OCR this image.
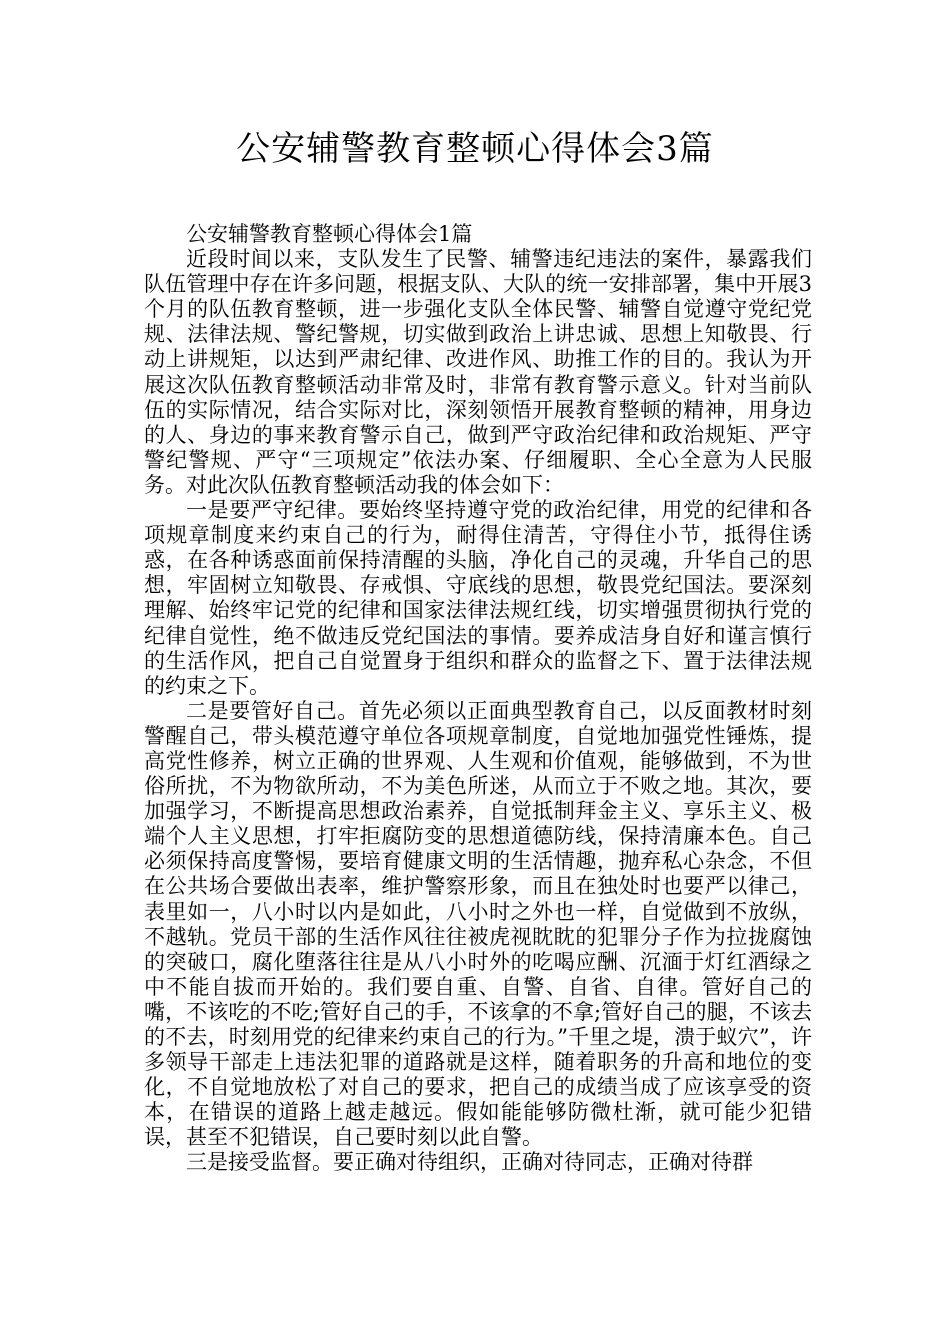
公安辅警教育整顿心得体会3篇

公安辅警教育整顿心得体会1篇

近段时间以来，支队发生了民警、辅警违纪违法的案件，暴露我们队伍管理中存在许多问题，根据支队、大队的统一安排部署，集中开展3个月的队伍教育整顿，进一步强化支队全体民警、辅警自觉遵守党纪党规、法律法规、警纪警规，切实做到政治上讲忠诚、思想上知敬畏、行动上讲规矩，以达到严肃纪律、改进作风、助推工作的目的。我认为开展这次队伍教育整顿活动非常及时，非常有教育警示意义。针对当前队伍的实际情况，结合实际对比，深刻领悟开展教育整顿的精神，用身边的人、身边的事来教育警示自己，做到严守政治纪律和政治规矩、严守警纪警规、严守“三项规定”依法办案、仔细履职、全心全意为人民服务。对此次队伍教育整顿活动我的体会如下：

一是要严守纪律。要始终坚持遵守党的政治纪律，用党的纪律和各项规章制度来约束自己的行为，耐得住清苦，守得住小节，抵得住诱惑，在各种诱惑面前保持清醒的头脑，净化自己的灵魂，升华自己的思想，牢固树立知敬畏、存戒惧、守底线的思想，敬畏党纪国法。要深刻理解、始终牢记党的纪律和国家法律法规红线，切实增强贯彻执行党的纪律自觉性，绝不做违反党纪国法的事情。要养成洁身自好和谨言慎行的生活作风，把自己自觉置身于组织和群众的监督之下、置于法律法规的约束之下。

二是要管好自己。首先必须以正面典型教育自己，以反面教材时刻警醒自己，带头模范遵守单位各项规章制度，自觉地加强党性锤炼，提高党性修养，树立正确的世界观、人生观和价值观，能够做到，不为世俗所扰，不为物欲所动，不为美色所迷，从而立于不败之地。其次，要加强学习，不断提高思想政治素养，自觉抵制拜金主义、享乐主义、极端个人主义思想，打牢拒腐防变的思想道德防线，保持清廉本色。自己必须保持高度警惕，要培育健康文明的生活情趣，抛弃私心杂念，不但在公共场合要做出表率，维护警察形象，而且在独处时也要严以律己，表里如一，八小时以内是如此，八小时之外也一样，自觉做到不放纵，不越轨。党员干部的生活作风往往被虎视眈眈的犯罪分子作为拉拢腐蚀的突破口，腐化堕落往往是从八小时外的吃喝应酬、沉湎于灯红酒绿之中不能自拔而开始的。我们要自重、自警、自省、自律。管好自己的嘴，不该吃的不吃;管好自己的手，不该拿的不拿;管好自己的腿，不该去的不去，时刻用党的纪律来约束自己的行为。”千里之堤，溃于蚁穴”，许多领导干部走上违法犯罪的道路就是这样，随着职务的升高和地位的变化，不自觉地放松了对自己的要求，把自己的成绩当成了应该享受的资本，在错误的道路上越走越远。假如能能够防微杜渐，就可能少犯错误，甚至不犯错误，自己要时刻以此自警。

三是接受监督。要正确对待组织，正确对待同志，正确对待群
